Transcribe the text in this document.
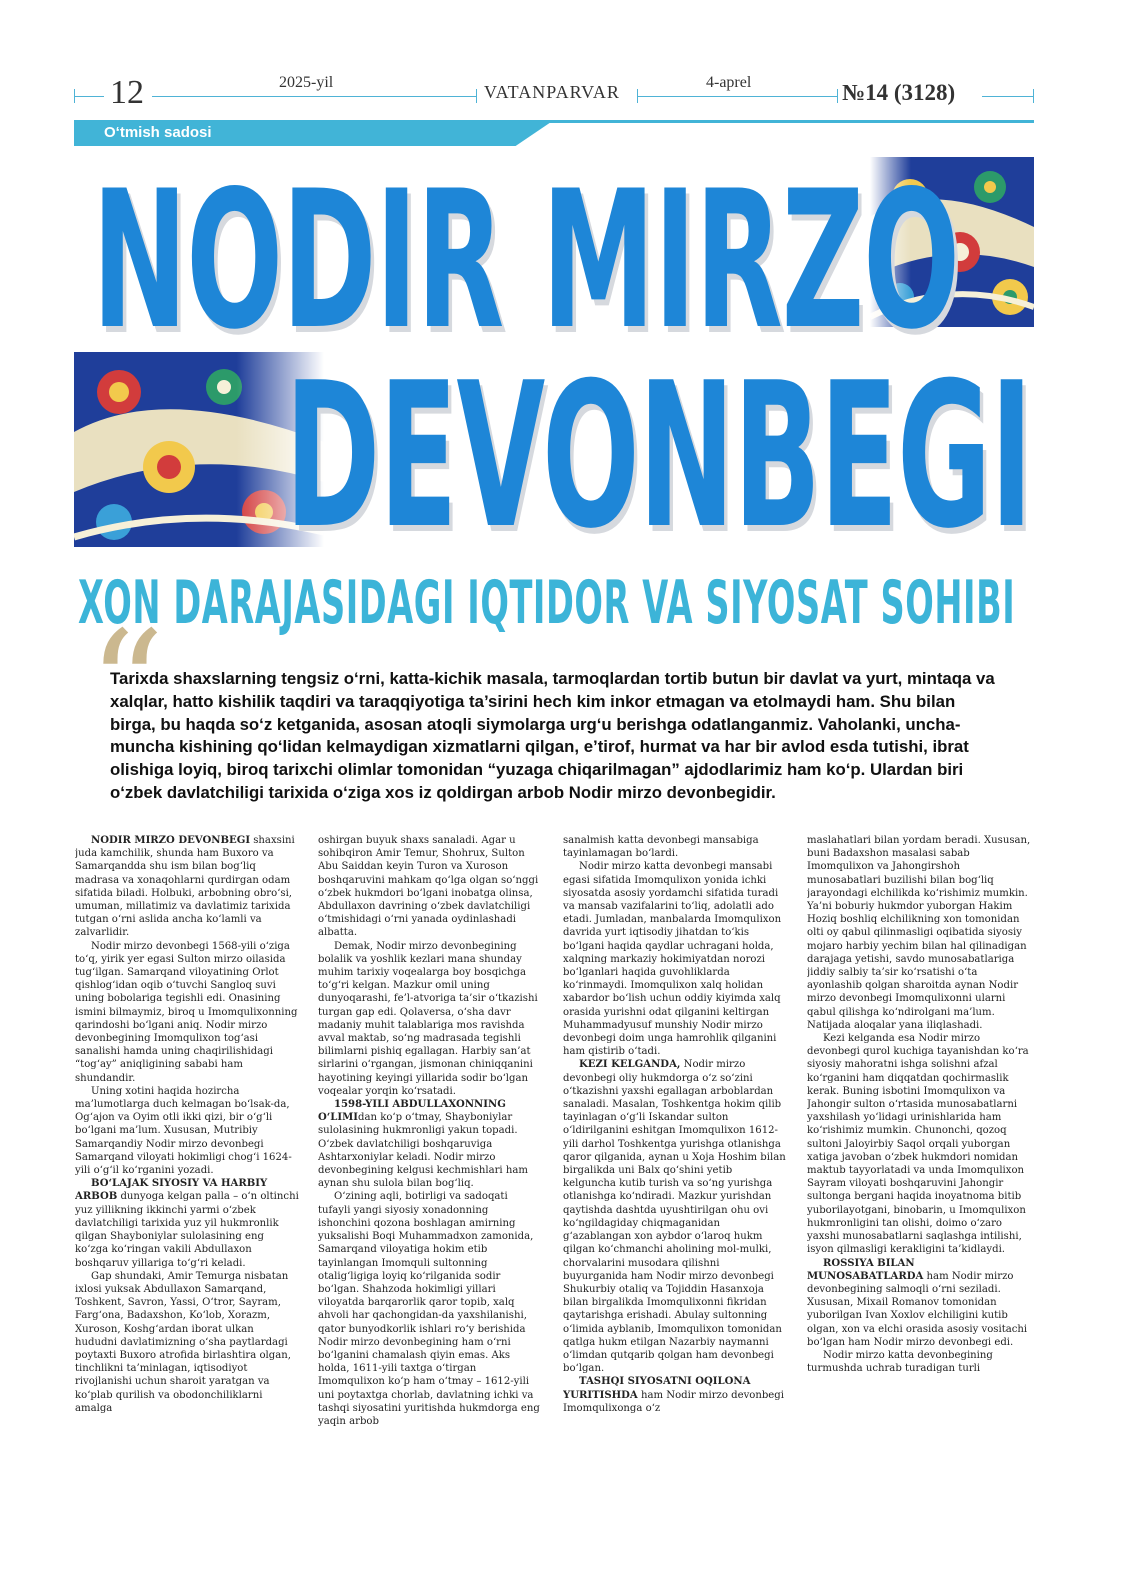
12	2025-yil	VATANPARVAR	4-aprel	№14 (3128)
O‘tmish sadosi
NODIR MIRZO
DEVONBEGI
XON DARAJASIDAGI IQTIDOR VA SIYOSAT SOHIBI
“
Tarixda shaxslarning tengsiz o‘rni, katta-kichik masala, tarmoqlardan tortib butun bir davlat va yurt, mintaqa va xalqlar, hatto kishilik taqdiri va taraqqiyotiga ta’sirini hech kim inkor etmagan va etolmaydi ham. Shu bilan birga, bu haqda so‘z ketganida, asosan atoqli siymolarga urg‘u berishga odatlanganmiz. Vaholanki, uncha-muncha kishining qo‘lidan kelmaydigan xizmatlarni qilgan, e’tirof, hurmat va har bir avlod esda tutishi, ibrat olishiga loyiq, biroq tarixchi olimlar tomonidan “yuzaga chiqarilmagan” ajdodlarimiz ham ko‘p. Ulardan biri o‘zbek davlatchiligi tarixida o‘ziga xos iz qoldirgan arbob Nodir mirzo devonbegidir.

NODIR MIRZO DEVONBEGI shaxsini juda kamchilik, shunda ham Buxoro va Samarqandda shu ism bilan bog‘liq madrasa va xonaqohlarni qurdirgan odam sifatida biladi. Holbuki, arbobning obro‘si, umuman, millatimiz va davlatimiz tarixida tutgan o‘rni aslida ancha ko‘lamli va zalvarlidir.

Nodir mirzo devonbegi 1568-yili o‘ziga to‘q, yirik yer egasi Sulton mirzo oilasida tug‘ilgan. Samarqand viloyatining Orlot qishlog‘idan oqib o‘tuvchi Sangloq suvi uning bobolariga tegishli edi. Onasining ismini bilmaymiz, biroq u Imomqulixonning qarindoshi bo‘lgani aniq. Nodir mirzo devonbegining Imomqulixon tog‘asi sanalishi hamda uning chaqirilishidagi “tog‘ay” aniqligining sababi ham shundandir.

Uning xotini haqida hozircha ma’lumotlarga duch kelmagan bo‘lsak-da, Og‘ajon va Oyim otli ikki qizi, bir o‘g‘li bo‘lgani ma’lum. Xususan, Mutribiy Samarqandiy Nodir mirzo devonbegi Samarqand viloyati hokimligi chog‘i 1624-yili o‘g‘il ko‘rganini yozadi.

BO‘LAJAK SIYOSIY VA HARBIY ARBOB dunyoga kelgan palla – o‘n oltinchi yuz yillikning ikkinchi yarmi o‘zbek davlatchiligi tarixida yuz yil hukmronlik qilgan Shayboniylar sulolasining eng ko‘zga ko‘ringan vakili Abdullaxon boshqaruv yillariga to‘g‘ri keladi.

Gap shundaki, Amir Temurga nisbatan ixlosi yuksak Abdullaxon Samarqand, Toshkent, Savron, Yassi, O‘tror, Sayram, Farg‘ona, Badaxshon, Ko‘lob, Xorazm, Xuroson, Koshg‘ardan iborat ulkan hududni davlatimizning o‘sha paytlardagi poytaxti Buxoro atrofida birlashtira olgan, tinchlikni ta’minlagan, iqtisodiyot rivojlanishi uchun sharoit yaratgan va ko‘plab qurilish va obodonchiliklarni amalga

oshirgan buyuk shaxs sanaladi. Agar u sohibqiron Amir Temur, Shohrux, Sulton Abu Saiddan keyin Turon va Xuroson boshqaruvini mahkam qo‘lga olgan so‘nggi o‘zbek hukmdori bo‘lgani inobatga olinsa, Abdullaxon davrining o‘zbek davlatchiligi o‘tmishidagi o‘rni yanada oydinlashadi albatta.

Demak, Nodir mirzo devonbegining bolalik va yoshlik kezlari mana shunday muhim tarixiy voqealarga boy bosqichga to‘g‘ri kelgan. Mazkur omil uning dunyoqarashi, fe’l-atvoriga ta’sir o‘tkazishi turgan gap edi. Qolaversa, o‘sha davr madaniy muhit talablariga mos ravishda avval maktab, so‘ng madrasada tegishli bilimlarni pishiq egallagan. Harbiy san’at sirlarini o‘rgangan, jismonan chiniqqanini hayotining keyingi yillarida sodir bo‘lgan voqealar yorqin ko‘rsatadi.

1598-YILI ABDULLAXONNING O‘LIMIdan ko‘p o‘tmay, Shayboniylar sulolasining hukmronligi yakun topadi. O‘zbek davlatchiligi boshqaruviga Ashtarxoniylar keladi. Nodir mirzo devonbegining kelgusi kechmishlari ham aynan shu sulola bilan bog‘liq.

O‘zining aqli, botirligi va sadoqati tufayli yangi siyosiy xonadonning ishonchini qozona boshlagan amirning yuksalishi Boqi Muhammadxon zamonida, Samarqand viloyatiga hokim etib tayinlangan Imomquli sultonning otalig‘ligiga loyiq ko‘rilganida sodir bo‘lgan. Shahzoda hokimligi yillari viloyatda barqarorlik qaror topib, xalq ahvoli har qachongidan-da yaxshilanishi, qator bunyodkorlik ishlari ro‘y berishida Nodir mirzo devonbegining ham o‘rni bo‘lganini chamalash qiyin emas. Aks holda, 1611-yili taxtga o‘tirgan Imomqulixon ko‘p ham o‘tmay – 1612-yili uni poytaxtga chorlab, davlatning ichki va tashqi siyosatini yuritishda hukmdorga eng yaqin arbob

sanalmish katta devonbegi mansabiga tayinlamagan bo‘lardi.

Nodir mirzo katta devonbegi mansabi egasi sifatida Imomqulixon yonida ichki siyosatda asosiy yordamchi sifatida turadi va mansab vazifalarini to‘liq, adolatli ado etadi. Jumladan, manbalarda Imomqulixon davrida yurt iqtisodiy jihatdan to‘kis bo‘lgani haqida qaydlar uchragani holda, xalqning markaziy hokimiyatdan norozi bo‘lganlari haqida guvohliklarda ko‘rinmaydi. Imomqulixon xalq holidan xabardor bo‘lish uchun oddiy kiyimda xalq orasida yurishni odat qilganini keltirgan Muhammadyusuf munshiy Nodir mirzo devonbegi doim unga hamrohlik qilganini ham qistirib o‘tadi.

KEZI KELGANDA, Nodir mirzo devonbegi oliy hukmdorga o‘z so‘zini o‘tkazishni yaxshi egallagan arboblardan sanaladi. Masalan, Toshkentga hokim qilib tayinlagan o‘g‘li Iskandar sulton o‘ldirilganini eshitgan Imomqulixon 1612-yili darhol Toshkentga yurishga otlanishga qaror qilganida, aynan u Xoja Hoshim bilan birgalikda uni Balx qo‘shini yetib kelguncha kutib turish va so‘ng yurishga otlanishga ko‘ndiradi. Mazkur yurishdan qaytishda dashtda uyushtirilgan ohu ovi ko‘ngildagiday chiqmaganidan g‘azablangan xon aybdor o‘laroq hukm qilgan ko‘chmanchi aholining mol-mulki, chorvalarini musodara qilishni buyurganida ham Nodir mirzo devonbegi Shukurbiy otaliq va Tojiddin Hasanxoja bilan birgalikda Imomqulixonni fikridan qaytarishga erishadi. Abulay sultonning o‘limida ayblanib, Imomqulixon tomonidan qatlga hukm etilgan Nazarbiy naymanni o‘limdan qutqarib qolgan ham devonbegi bo‘lgan.

TASHQI SIYOSATNI OQILONA YURITISHDA ham Nodir mirzo devonbegi Imomqulixonga o‘z

maslahatlari bilan yordam beradi. Xususan, buni Badaxshon masalasi sabab Imomqulixon va Jahongirshoh munosabatlari buzilishi bilan bog‘liq jarayondagi elchilikda ko‘rishimiz mumkin. Ya’ni boburiy hukmdor yuborgan Hakim Hoziq boshliq elchilikning xon tomonidan olti oy qabul qilinmasligi oqibatida siyosiy mojaro harbiy yechim bilan hal qilinadigan darajaga yetishi, savdo munosabatlariga jiddiy salbiy ta’sir ko‘rsatishi o‘ta ayonlashib qolgan sharoitda aynan Nodir mirzo devonbegi Imomqulixonni ularni qabul qilishga ko‘ndirolgani ma’lum. Natijada aloqalar yana iliqlashadi.

Kezi kelganda esa Nodir mirzo devonbegi qurol kuchiga tayanishdan ko‘ra siyosiy mahoratni ishga solishni afzal ko‘rganini ham diqqatdan qochirmaslik kerak. Buning isbotini Imomqulixon va Jahongir sulton o‘rtasida munosabatlarni yaxshilash yo‘lidagi urinishlarida ham ko‘rishimiz mumkin. Chunonchi, qozoq sultoni Jaloyirbiy Saqol orqali yuborgan xatiga javoban o‘zbek hukmdori nomidan maktub tayyorlatadi va unda Imomqulixon Sayram viloyati boshqaruvini Jahongir sultonga bergani haqida inoyatnoma bitib yuborilayotgani, binobarin, u Imomqulixon hukmronligini tan olishi, doimo o‘zaro yaxshi munosabatlarni saqlashga intilishi, isyon qilmasligi kerakligini ta’kidlaydi.

ROSSIYA BILAN MUNOSABATLARDA ham Nodir mirzo devonbegining salmoqli o‘rni seziladi. Xususan, Mixail Romanov tomonidan yuborilgan Ivan Xoxlov elchiligini kutib olgan, xon va elchi orasida asosiy vositachi bo‘lgan ham Nodir mirzo devonbegi edi.

Nodir mirzo katta devonbegining turmushda uchrab turadigan turli
